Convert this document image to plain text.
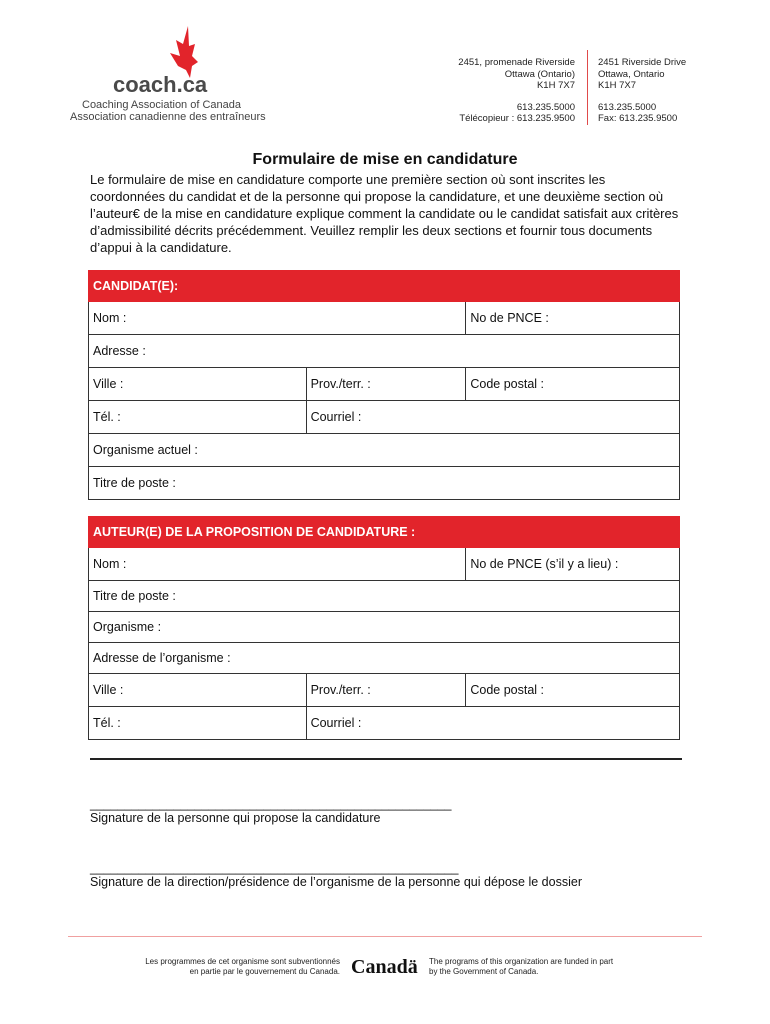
coach.ca
Coaching Association of Canada
Association canadienne des entraîneurs
2451, promenade Riverside
Ottawa (Ontario)
K1H 7X7
613.235.5000
Télécopieur : 613.235.9500
2451 Riverside Drive
Ottawa, Ontario
K1H 7X7
613.235.5000
Fax: 613.235.9500
Formulaire de mise en candidature
Le formulaire de mise en candidature comporte une première section où sont inscrites les coordonnées du candidat et de la personne qui propose la candidature, et une deuxième section où l’auteur€ de la mise en candidature explique comment la candidate ou le candidat satisfait aux critères d’admissibilité décrits précédemment. Veuillez remplir les deux sections et fournir tous documents d’appui à la candidature.
CANDIDAT(E):		
Nom :		No de PNCE :
Adresse :		
Ville :	Prov./terr. :	Code postal :
Tél. :	Courriel :	
Organisme actuel :		
Titre de poste :		
AUTEUR(E) DE LA PROPOSITION DE CANDIDATURE :		
Nom :		No de PNCE (s’il y a lieu) :
Titre de poste :		
Organisme :		
Adresse de l’organisme :		
Ville :	Prov./terr. :	Code postal :
Tél. :	Courriel :	
____________________________________________________
Signature de la personne qui propose la candidature
_____________________________________________________
Signature de la direction/présidence de l’organisme de la personne qui dépose le dossier
Les programmes de cet organisme sont subventionnés
en partie par le gouvernement du Canada. Canadä The programs of this organization are funded in part
by the Government of Canada.
